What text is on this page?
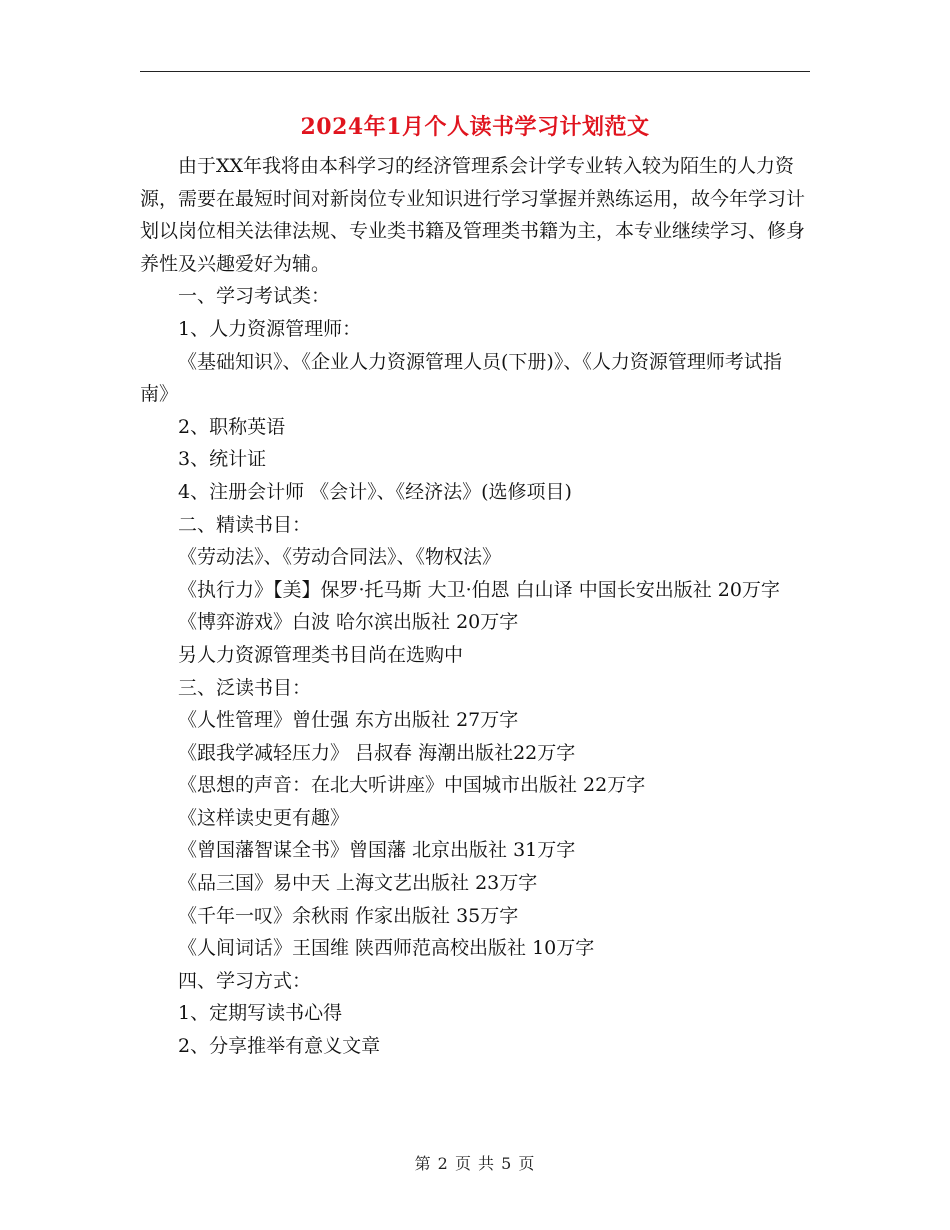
2024年1月个人读书学习计划范文

由于XX年我将由本科学习的经济管理系会计学专业转入较为陌生的人力资源，需要在最短时间对新岗位专业知识进行学习掌握并熟练运用，故今年学习计划以岗位相关法律法规、专业类书籍及管理类书籍为主，本专业继续学习、修身养性及兴趣爱好为辅。

一、学习考试类：

1、人力资源管理师：

《基础知识》、《企业人力资源管理人员(下册)》、《人力资源管理师考试指南》

2、职称英语

3、统计证

4、注册会计师 《会计》、《经济法》(选修项目)

二、精读书目：

《劳动法》、《劳动合同法》、《物权法》

《执行力》【美】保罗·托马斯 大卫·伯恩 白山译 中国长安出版社 20万字

《博弈游戏》白波 哈尔滨出版社 20万字

另人力资源管理类书目尚在选购中

三、泛读书目：

《人性管理》曾仕强 东方出版社 27万字

《跟我学减轻压力》 吕叔春 海潮出版社22万字

《思想的声音：在北大听讲座》中国城市出版社 22万字

《这样读史更有趣》

《曾国藩智谋全书》曾国藩 北京出版社 31万字

《品三国》易中天 上海文艺出版社 23万字

《千年一叹》余秋雨 作家出版社 35万字

《人间词话》王国维 陕西师范高校出版社 10万字

四、学习方式：

1、定期写读书心得

2、分享推举有意义文章

第 2 页 共 5 页
